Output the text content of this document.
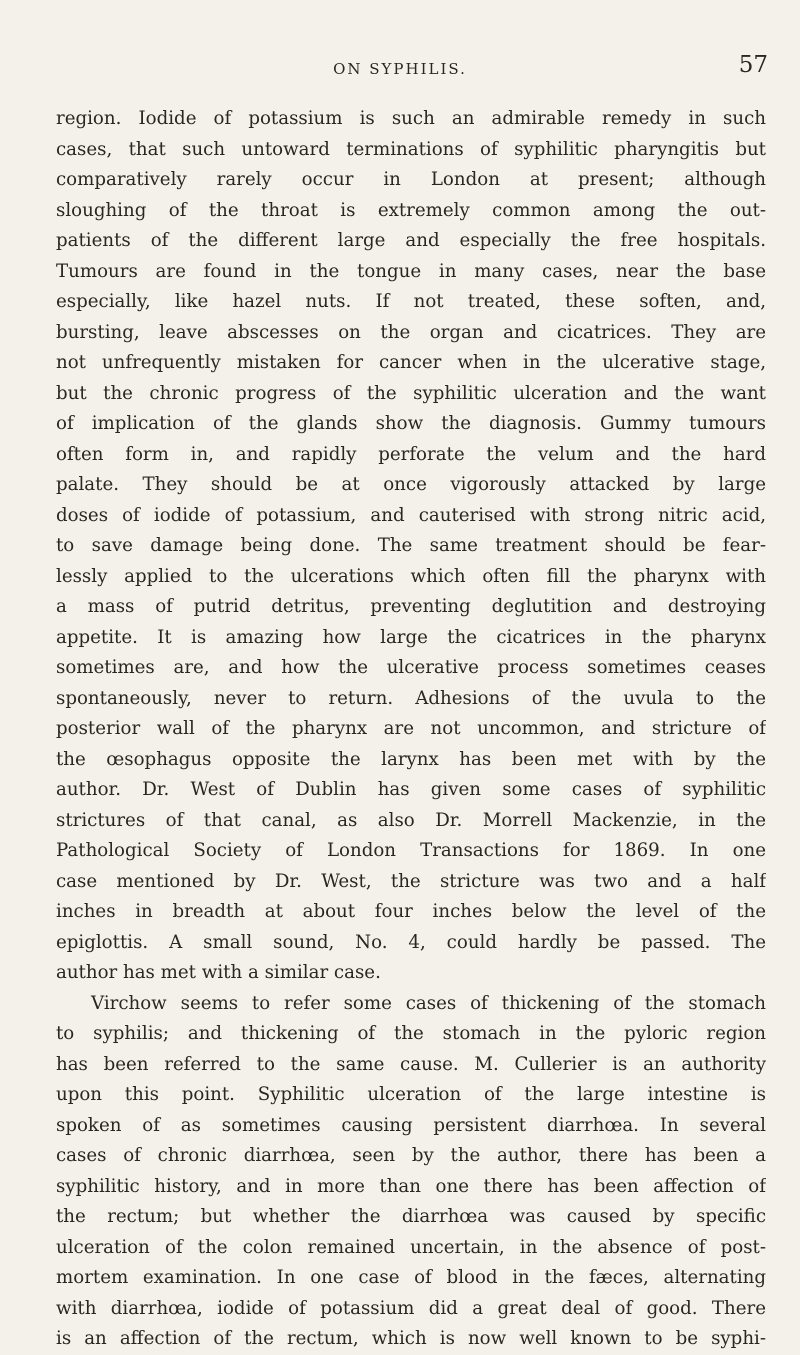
ON SYPHILIS.	57
region. Iodide of potassium is such an admirable remedy in such
cases, that such untoward terminations of syphilitic pharyngitis but
comparatively rarely occur in London at present; although
sloughing of the throat is extremely common among the out-
patients of the different large and especially the free hospitals.
Tumours are found in the tongue in many cases, near the base
especially, like hazel nuts. If not treated, these soften, and,
bursting, leave abscesses on the organ and cicatrices. They are
not unfrequently mistaken for cancer when in the ulcerative stage,
but the chronic progress of the syphilitic ulceration and the want
of implication of the glands show the diagnosis. Gummy tumours
often form in, and rapidly perforate the velum and the hard
palate. They should be at once vigorously attacked by large
doses of iodide of potassium, and cauterised with strong nitric acid,
to save damage being done. The same treatment should be fear-
lessly applied to the ulcerations which often fill the pharynx with
a mass of putrid detritus, preventing deglutition and destroying
appetite. It is amazing how large the cicatrices in the pharynx
sometimes are, and how the ulcerative process sometimes ceases
spontaneously, never to return. Adhesions of the uvula to the
posterior wall of the pharynx are not uncommon, and stricture of
the œsophagus opposite the larynx has been met with by the
author. Dr. West of Dublin has given some cases of syphilitic
strictures of that canal, as also Dr. Morrell Mackenzie, in the
Pathological Society of London Transactions for 1869. In one
case mentioned by Dr. West, the stricture was two and a half
inches in breadth at about four inches below the level of the
epiglottis. A small sound, No. 4, could hardly be passed. The
author has met with a similar case.
Virchow seems to refer some cases of thickening of the stomach
to syphilis; and thickening of the stomach in the pyloric region
has been referred to the same cause. M. Cullerier is an authority
upon this point. Syphilitic ulceration of the large intestine is
spoken of as sometimes causing persistent diarrhœa. In several
cases of chronic diarrhœa, seen by the author, there has been a
syphilitic history, and in more than one there has been affection of
the rectum; but whether the diarrhœa was caused by specific
ulceration of the colon remained uncertain, in the absence of post-
mortem examination. In one case of blood in the fæces, alternating
with diarrhœa, iodide of potassium did a great deal of good. There
is an affection of the rectum, which is now well known to be syphi-
